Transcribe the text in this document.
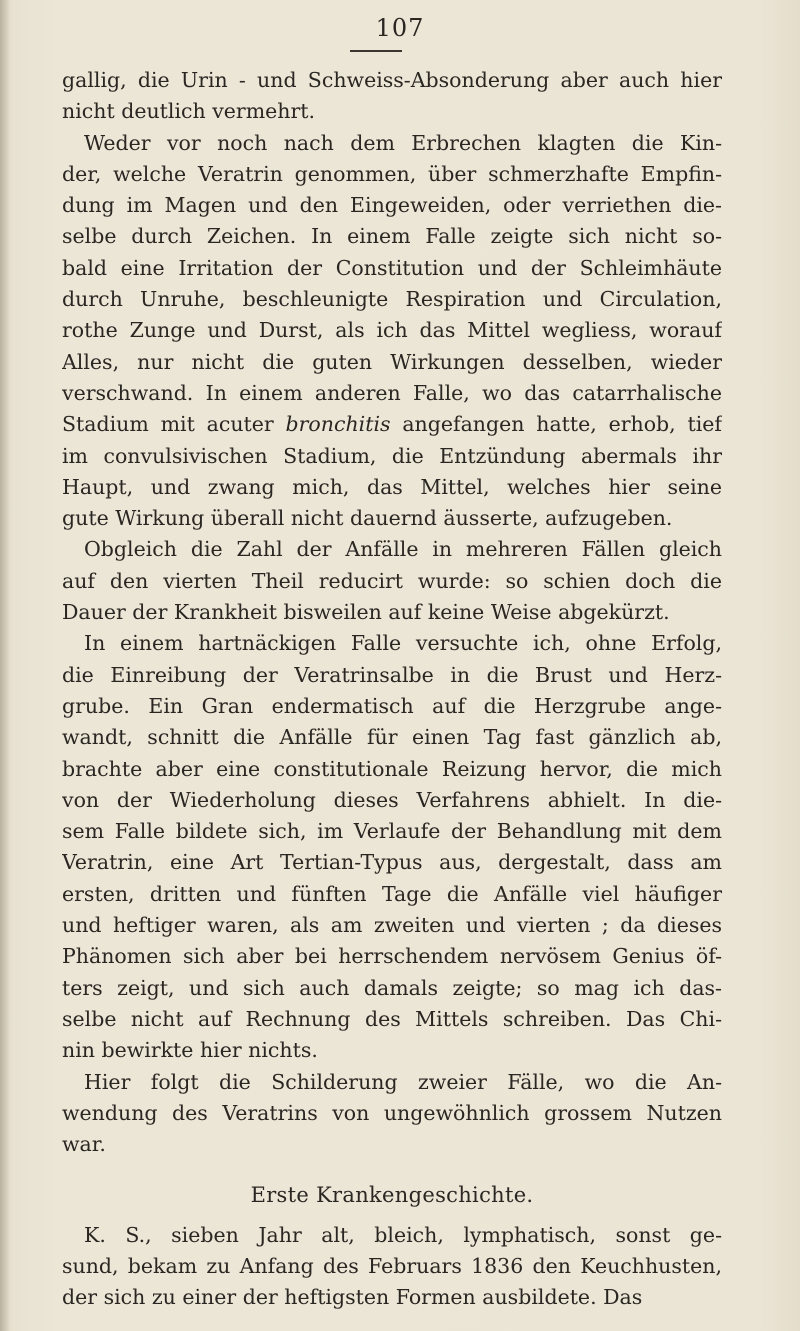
107
gallig, die Urin - und Schweiss-Absonderung aber auch hier
nicht deutlich vermehrt.
Weder vor noch nach dem Erbrechen klagten die Kin-
der, welche Veratrin genommen, über schmerzhafte Empfin-
dung im Magen und den Eingeweiden, oder verriethen die-
selbe durch Zeichen. In einem Falle zeigte sich nicht so-
bald eine Irritation der Constitution und der Schleimhäute
durch Unruhe, beschleunigte Respiration und Circulation,
rothe Zunge und Durst, als ich das Mittel wegliess, worauf
Alles, nur nicht die guten Wirkungen desselben, wieder
verschwand. In einem anderen Falle, wo das catarrhalische
Stadium mit acuter bronchitis angefangen hatte, erhob, tief
im convulsivischen Stadium, die Entzündung abermals ihr
Haupt, und zwang mich, das Mittel, welches hier seine
gute Wirkung überall nicht dauernd äusserte, aufzugeben.
Obgleich die Zahl der Anfälle in mehreren Fällen gleich
auf den vierten Theil reducirt wurde: so schien doch die
Dauer der Krankheit bisweilen auf keine Weise abgekürzt.
In einem hartnäckigen Falle versuchte ich, ohne Erfolg,
die Einreibung der Veratrinsalbe in die Brust und Herz-
grube. Ein Gran endermatisch auf die Herzgrube ange-
wandt, schnitt die Anfälle für einen Tag fast gänzlich ab,
brachte aber eine constitutionale Reizung hervor, die mich
von der Wiederholung dieses Verfahrens abhielt. In die-
sem Falle bildete sich, im Verlaufe der Behandlung mit dem
Veratrin, eine Art Tertian-Typus aus, dergestalt, dass am
ersten, dritten und fünften Tage die Anfälle viel häufiger
und heftiger waren, als am zweiten und vierten ; da dieses
Phänomen sich aber bei herrschendem nervösem Genius öf-
ters zeigt, und sich auch damals zeigte; so mag ich das-
selbe nicht auf Rechnung des Mittels schreiben. Das Chi-
nin bewirkte hier nichts.
Hier folgt die Schilderung zweier Fälle, wo die An-
wendung des Veratrins von ungewöhnlich grossem Nutzen
war.
Erste Krankengeschichte.
K. S., sieben Jahr alt, bleich, lymphatisch, sonst ge-
sund, bekam zu Anfang des Februars 1836 den Keuchhusten,
der sich zu einer der heftigsten Formen ausbildete. Das
